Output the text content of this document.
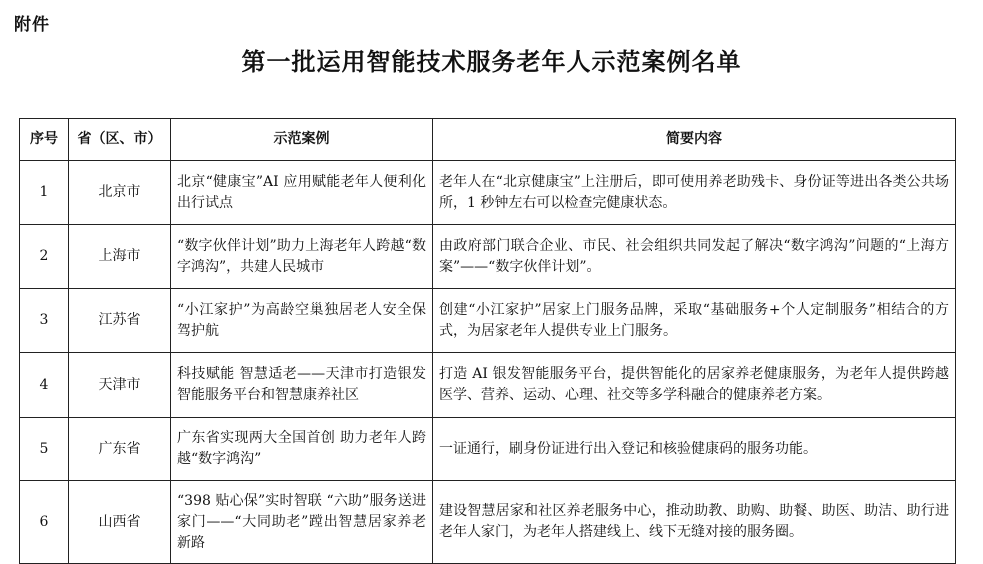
附件
第一批运用智能技术服务老年人示范案例名单
序号	省（区、市）	示范案例	简要内容
1	北京市	北京“健康宝”AI 应用赋能老年人便利化出行试点	老年人在“北京健康宝”上注册后，即可使用养老助残卡、身份证等进出各类公共场所，1 秒钟左右可以检查完健康状态。
2	上海市	“数字伙伴计划”助力上海老年人跨越“数字鸿沟”，共建人民城市	由政府部门联合企业、市民、社会组织共同发起了解决“数字鸿沟”问题的“上海方案”——“数字伙伴计划”。
3	江苏省	“小江家护”为高龄空巢独居老人安全保驾护航	创建“小江家护”居家上门服务品牌，采取“基础服务+个人定制服务”相结合的方式，为居家老年人提供专业上门服务。
4	天津市	科技赋能 智慧适老——天津市打造银发智能服务平台和智慧康养社区	打造 AI 银发智能服务平台，提供智能化的居家养老健康服务，为老年人提供跨越医学、营养、运动、心理、社交等多学科融合的健康养老方案。
5	广东省	广东省实现两大全国首创 助力老年人跨越“数字鸿沟”	一证通行，刷身份证进行出入登记和核验健康码的服务功能。
6	山西省	“398 贴心保”实时智联 “六助”服务送进家门——“大同助老”蹚出智慧居家养老新路	建设智慧居家和社区养老服务中心，推动助教、助购、助餐、助医、助洁、助行进老年人家门，为老年人搭建线上、线下无缝对接的服务圈。
